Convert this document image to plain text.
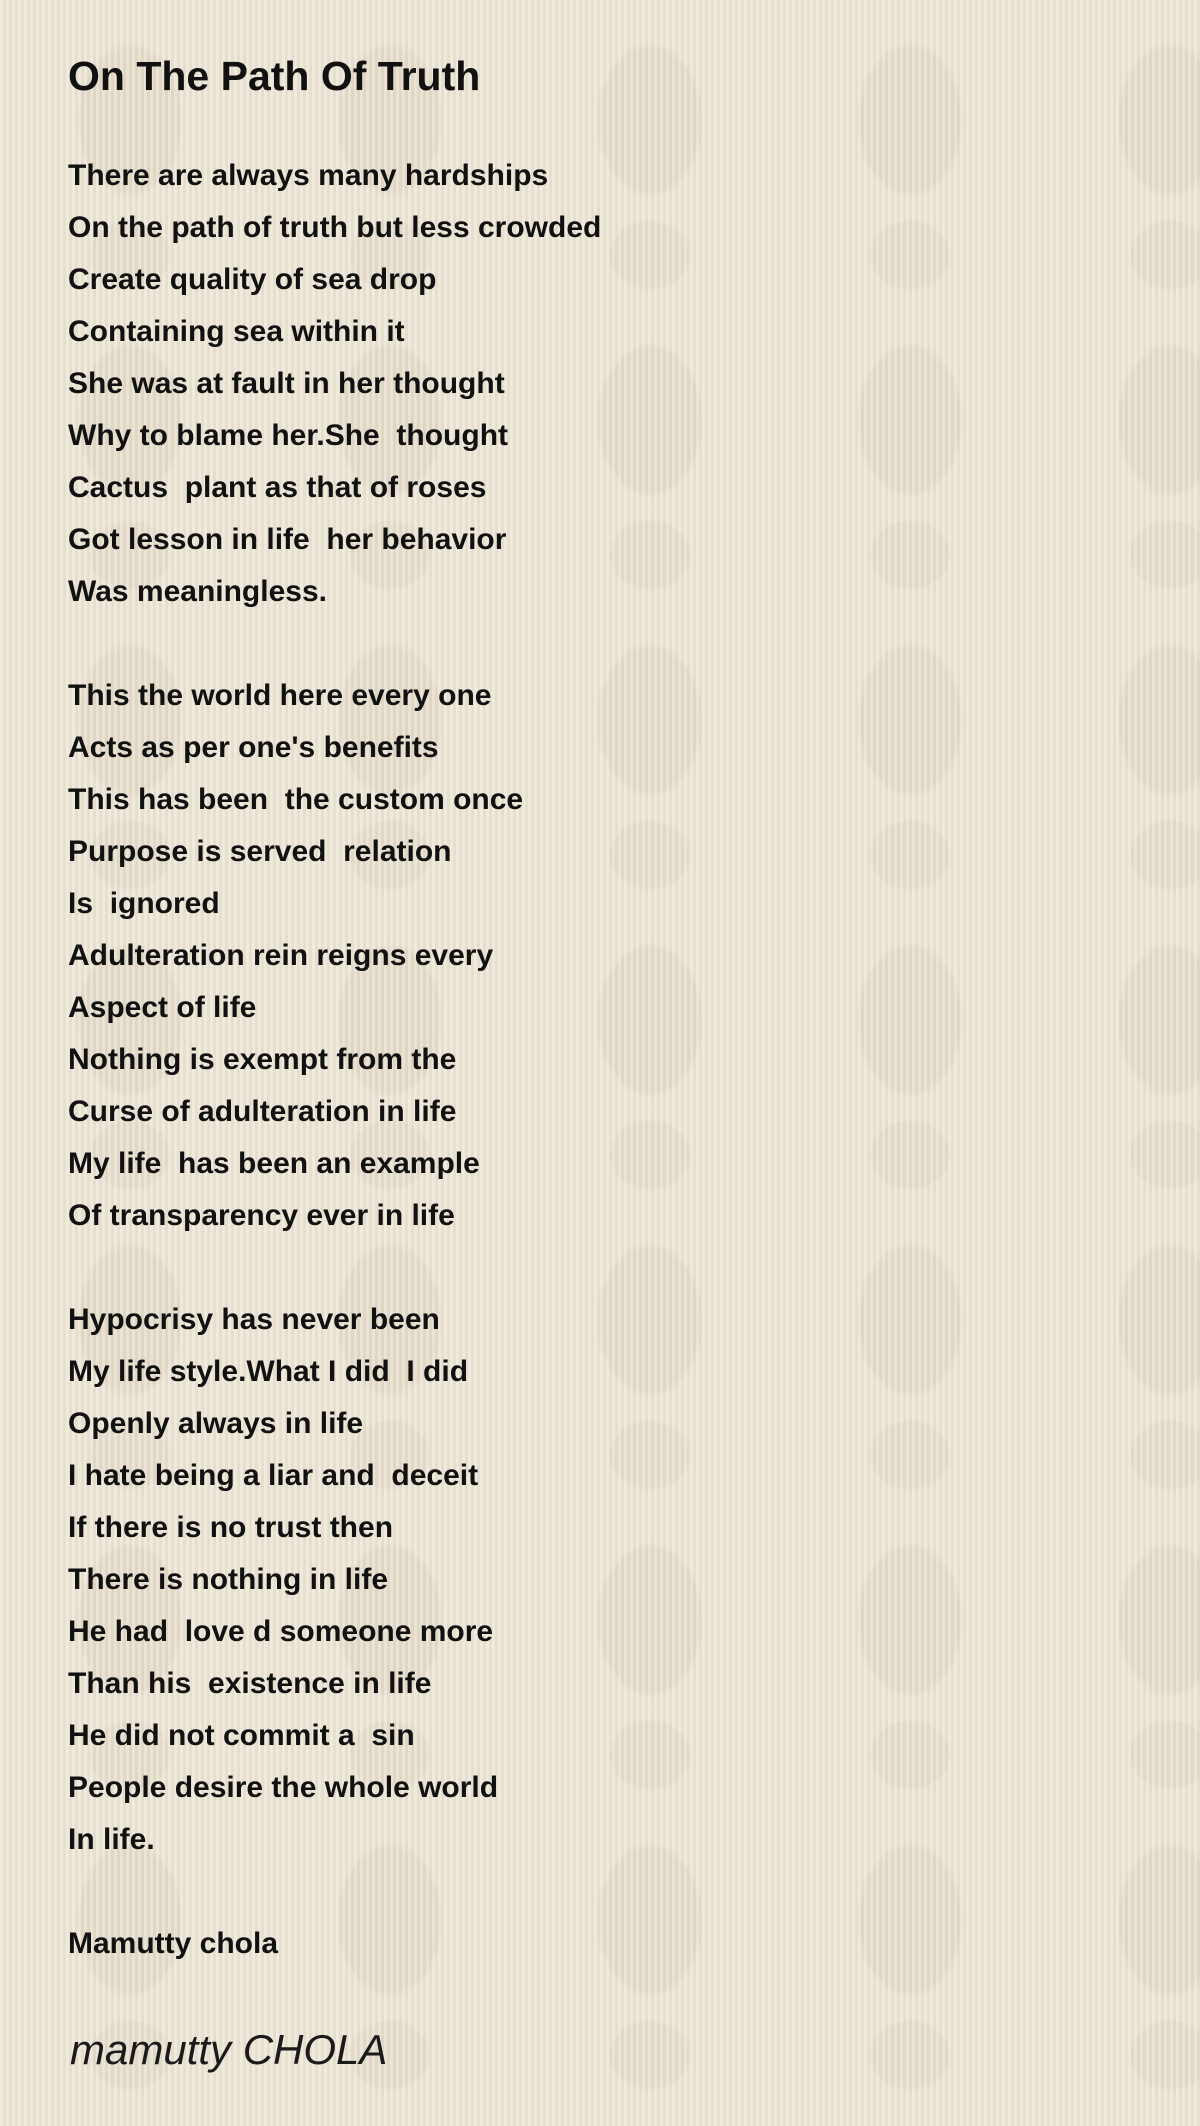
On The Path Of Truth
There are always many hardships
On the path of truth but less crowded
Create quality of sea drop
Containing sea within it
She was at fault in her thought
Why to blame her.She  thought
Cactus  plant as that of roses
Got lesson in life  her behavior
Was meaningless.
This the world here every one
Acts as per one's benefits
This has been  the custom once
Purpose is served  relation
Is  ignored
Adulteration rein reigns every
Aspect of life
Nothing is exempt from the
Curse of adulteration in life
My life  has been an example
Of transparency ever in life
Hypocrisy has never been
My life style.What I did  I did
Openly always in life
I hate being a liar and  deceit
If there is no trust then
There is nothing in life
He had  love d someone more
Than his  existence in life
He did not commit a  sin
People desire the whole world
In life.
Mamutty chola
mamutty CHOLA
